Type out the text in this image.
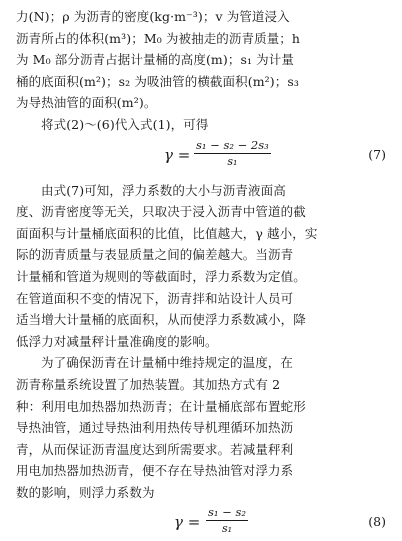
力(N)；ρ 为沥青的密度(kg·m⁻³)；v 为管道浸入
沥青所占的体积(m³)；M₀ 为被抽走的沥青质量；h
为 M₀ 部分沥青占据计量桶的高度(m)；s₁ 为计量
桶的底面积(m²)；s₂ 为吸油管的横截面积(m²)；s₃
为导热油管的面积(m²)。
将式(2)～(6)代入式(1)，可得
γ =
s₁ − s₂ − 2s₃
s₁	(7)
由式(7)可知，浮力系数的大小与沥青液面高
度、沥青密度等无关，只取决于浸入沥青中管道的截
面面积与计量桶底面积的比值，比值越大，γ 越小，实
际的沥青质量与表显质量之间的偏差越大。当沥青
计量桶和管道为规则的等截面时，浮力系数为定值。
在管道面积不变的情况下，沥青拌和站设计人员可
适当增大计量桶的底面积，从而使浮力系数减小，降
低浮力对减量秤计量准确度的影响。
为了确保沥青在计量桶中维持规定的温度，在
沥青称量系统设置了加热装置。其加热方式有 2
种：利用电加热器加热沥青；在计量桶底部布置蛇形
导热油管，通过导热油利用热传导机理循环加热沥
青，从而保证沥青温度达到所需要求。若减量秤利
用电加热器加热沥青，便不存在导热油管对浮力系
数的影响，则浮力系数为
γ =
s₁ − s₂
s₁	(8)
